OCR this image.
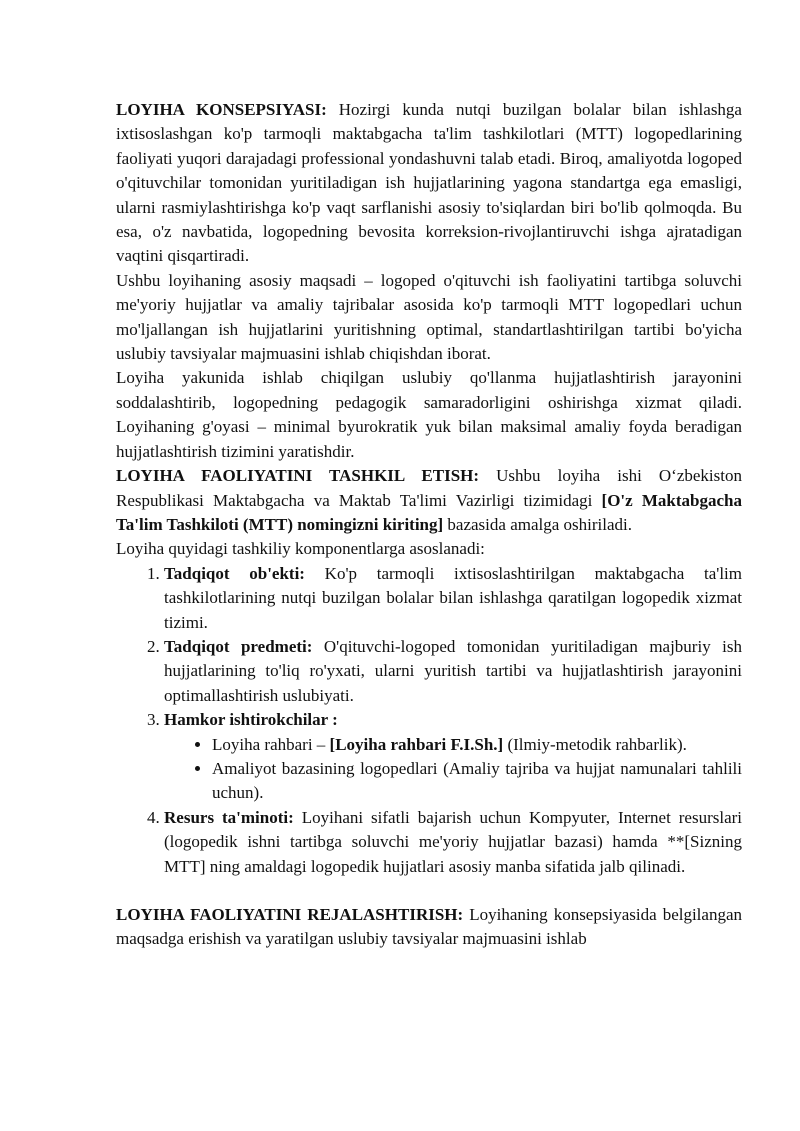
LOYIHA KONSEPSIYASI: Hozirgi kunda nutqi buzilgan bolalar bilan ishlashga ixtisoslashgan ko'p tarmoqli maktabgacha ta'lim tashkilotlari (MTT) logopedlarining faoliyati yuqori darajadagi professional yondashuvni talab etadi. Biroq, amaliyotda logoped o'qituvchilar tomonidan yuritiladigan ish hujjatlarining yagona standartga ega emasligi, ularni rasmiylashtirishga ko'p vaqt sarflanishi asosiy to'siqlardan biri bo'lib qolmoqda. Bu esa, o'z navbatida, logopedning bevosita korreksion-rivojlantiruvchi ishga ajratadigan vaqtini qisqartiradi.

Ushbu loyihaning asosiy maqsadi – logoped o'qituvchi ish faoliyatini tartibga soluvchi me'yoriy hujjatlar va amaliy tajribalar asosida ko'p tarmoqli MTT logopedlari uchun mo'ljallangan ish hujjatlarini yuritishning optimal, standartlashtirilgan tartibi bo'yicha uslubiy tavsiyalar majmuasini ishlab chiqishdan iborat.

Loyiha yakunida ishlab chiqilgan uslubiy qo'llanma hujjatlashtirish jarayonini soddalashtirib, logopedning pedagogik samaradorligini oshirishga xizmat qiladi. Loyihaning g'oyasi – minimal byurokratik yuk bilan maksimal amaliy foyda beradigan hujjatlashtirish tizimini yaratishdir.

LOYIHA FAOLIYATINI TASHKIL ETISH: Ushbu loyiha ishi O‘zbekiston Respublikasi Maktabgacha va Maktab Ta'limi Vazirligi tizimidagi [O'z Maktabgacha Ta'lim Tashkiloti (MTT) nomingizni kiriting] bazasida amalga oshiriladi.

Loyiha quyidagi tashkiliy komponentlarga asoslanadi:

1. Tadqiqot ob'ekti: Ko'p tarmoqli ixtisoslashtirilgan maktabgacha ta'lim tashkilotlarining nutqi buzilgan bolalar bilan ishlashga qaratilgan logopedik xizmat tizimi.
2. Tadqiqot predmeti: O'qituvchi-logoped tomonidan yuritiladigan majburiy ish hujjatlarining to'liq ro'yxati, ularni yuritish tartibi va hujjatlashtirish jarayonini optimallashtirish uslubiyati.
3. Hamkor ishtirokchilar :
• Loyiha rahbari – [Loyiha rahbari F.I.Sh.] (Ilmiy-metodik rahbarlik).
• Amaliyot bazasining logopedlari (Amaliy tajriba va hujjat namunalari tahlili uchun).
4. Resurs ta'minoti: Loyihani sifatli bajarish uchun Kompyuter, Internet resurslari (logopedik ishni tartibga soluvchi me'yoriy hujjatlar bazasi) hamda **[Sizning MTT] ning amaldagi logopedik hujjatlari asosiy manba sifatida jalb qilinadi.

LOYIHA FAOLIYATINI REJALASHTIRISH: Loyihaning konsepsiyasida belgilangan maqsadga erishish va yaratilgan uslubiy tavsiyalar majmuasini ishlab
